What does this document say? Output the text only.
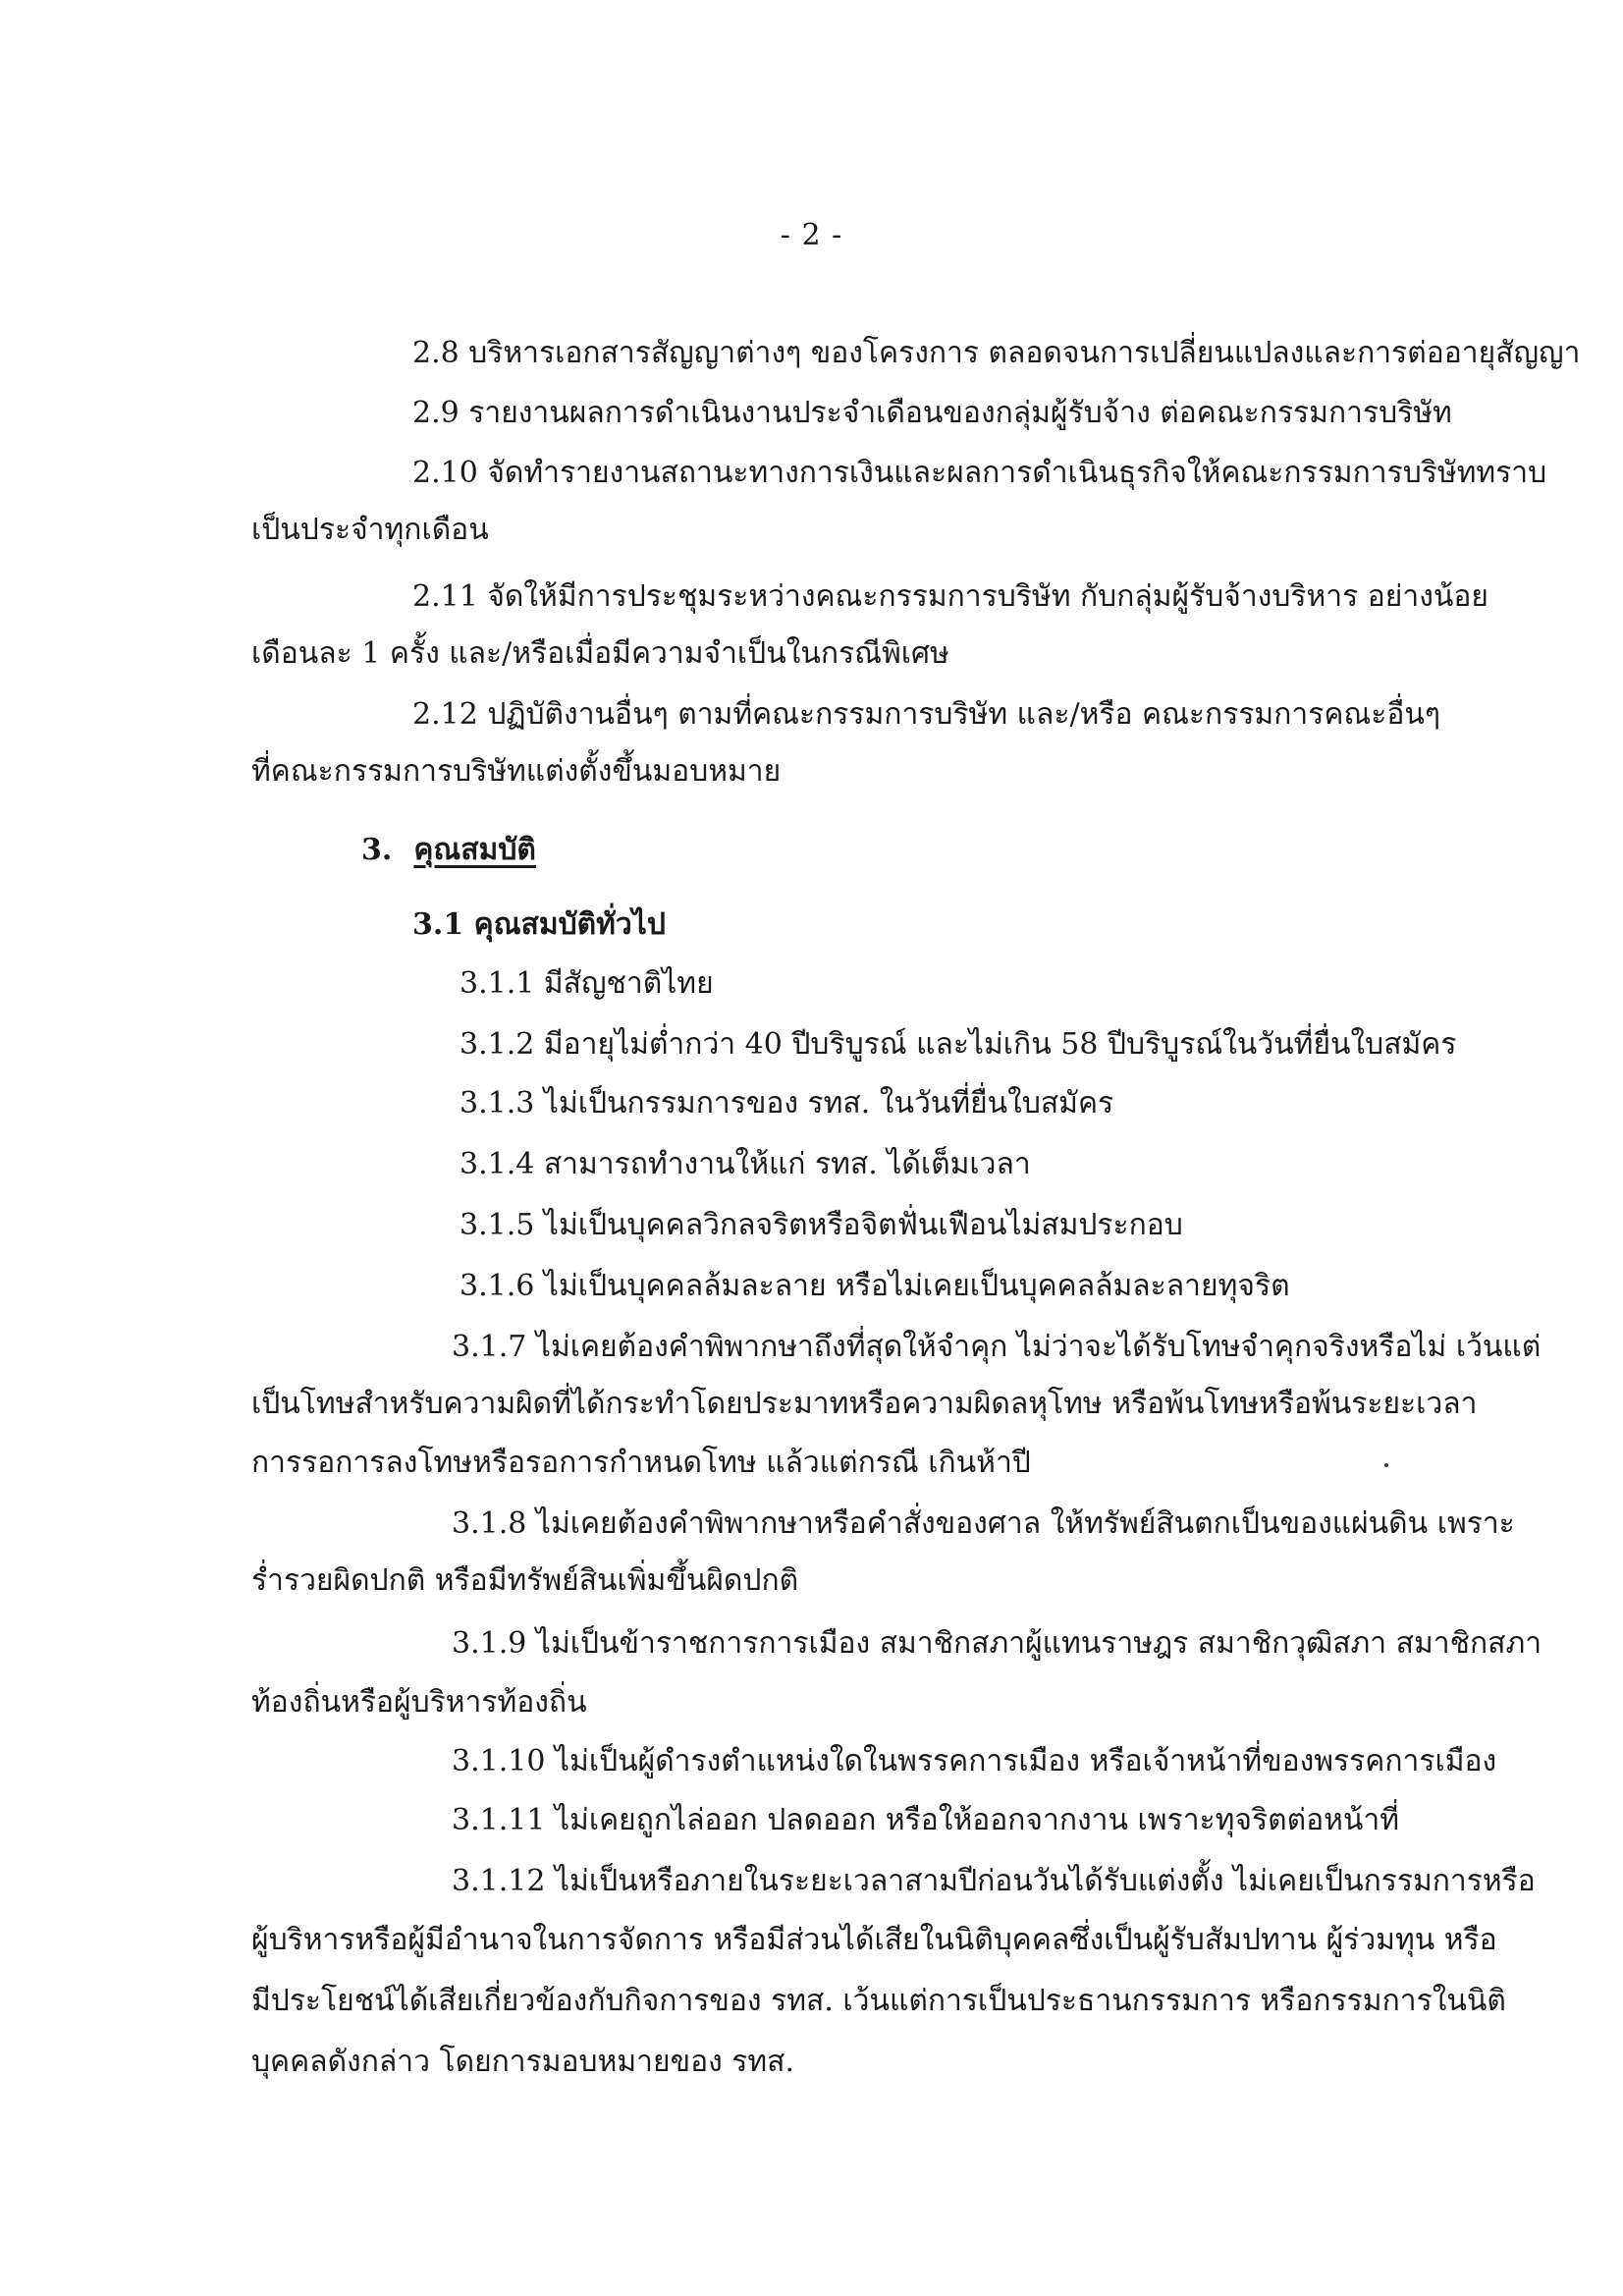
- 2 -
2.8 บริหารเอกสารสัญญาต่างๆ ของโครงการ ตลอดจนการเปลี่ยนแปลงและการต่ออายุสัญญา
2.9 รายงานผลการดำเนินงานประจำเดือนของกลุ่มผู้รับจ้าง ต่อคณะกรรมการบริษัท
2.10 จัดทำรายงานสถานะทางการเงินและผลการดำเนินธุรกิจให้คณะกรรมการบริษัททราบ
เป็นประจำทุกเดือน
2.11 จัดให้มีการประชุมระหว่างคณะกรรมการบริษัท กับกลุ่มผู้รับจ้างบริหาร อย่างน้อย
เดือนละ 1 ครั้ง และ/หรือเมื่อมีความจำเป็นในกรณีพิเศษ
2.12 ปฏิบัติงานอื่นๆ ตามที่คณะกรรมการบริษัท และ/หรือ คณะกรรมการคณะอื่นๆ
ที่คณะกรรมการบริษัทแต่งตั้งขึ้นมอบหมาย
3. คุณสมบัติ
3.1 คุณสมบัติทั่วไป
3.1.1 มีสัญชาติไทย
3.1.2 มีอายุไม่ต่ำกว่า 40 ปีบริบูรณ์ และไม่เกิน 58 ปีบริบูรณ์ในวันที่ยื่นใบสมัคร
3.1.3 ไม่เป็นกรรมการของ รทส. ในวันที่ยื่นใบสมัคร
3.1.4 สามารถทำงานให้แก่ รทส. ได้เต็มเวลา
3.1.5 ไม่เป็นบุคคลวิกลจริตหรือจิตฟั่นเฟือนไม่สมประกอบ
3.1.6 ไม่เป็นบุคคลล้มละลาย หรือไม่เคยเป็นบุคคลล้มละลายทุจริต
3.1.7 ไม่เคยต้องคำพิพากษาถึงที่สุดให้จำคุก ไม่ว่าจะได้รับโทษจำคุกจริงหรือไม่ เว้นแต่
เป็นโทษสำหรับความผิดที่ได้กระทำโดยประมาทหรือความผิดลหุโทษ หรือพ้นโทษหรือพ้นระยะเวลา
การรอการลงโทษหรือรอการกำหนดโทษ แล้วแต่กรณี เกินห้าปี
3.1.8 ไม่เคยต้องคำพิพากษาหรือคำสั่งของศาล ให้ทรัพย์สินตกเป็นของแผ่นดิน เพราะ
ร่ำรวยผิดปกติ หรือมีทรัพย์สินเพิ่มขึ้นผิดปกติ
3.1.9 ไม่เป็นข้าราชการการเมือง สมาชิกสภาผู้แทนราษฎร สมาชิกวุฒิสภา สมาชิกสภา
ท้องถิ่นหรือผู้บริหารท้องถิ่น
3.1.10 ไม่เป็นผู้ดำรงตำแหน่งใดในพรรคการเมือง หรือเจ้าหน้าที่ของพรรคการเมือง
3.1.11 ไม่เคยถูกไล่ออก ปลดออก หรือให้ออกจากงาน เพราะทุจริตต่อหน้าที่
3.1.12 ไม่เป็นหรือภายในระยะเวลาสามปีก่อนวันได้รับแต่งตั้ง ไม่เคยเป็นกรรมการหรือ
ผู้บริหารหรือผู้มีอำนาจในการจัดการ หรือมีส่วนได้เสียในนิติบุคคลซึ่งเป็นผู้รับสัมปทาน ผู้ร่วมทุน หรือ
มีประโยชน์ได้เสียเกี่ยวข้องกับกิจการของ รทส. เว้นแต่การเป็นประธานกรรมการ หรือกรรมการในนิติ
บุคคลดังกล่าว โดยการมอบหมายของ รทส.
